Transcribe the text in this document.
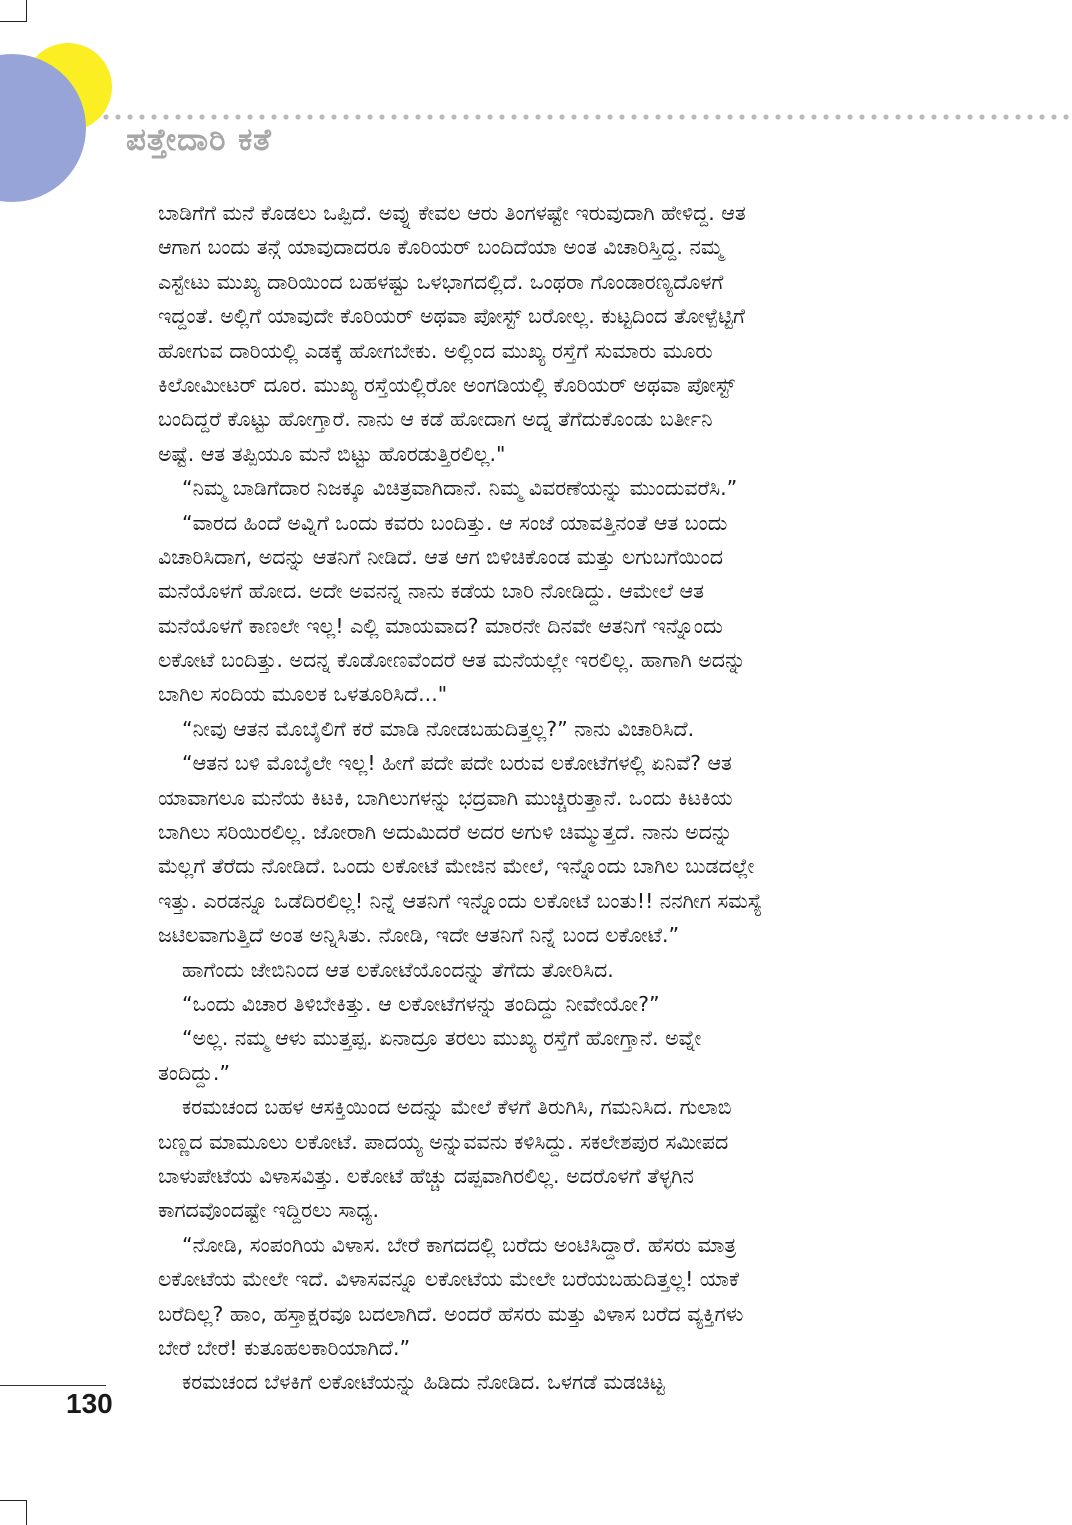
ಪತ್ತೇದಾರಿ ಕತೆ
ಬಾಡಿಗೆಗೆ ಮನೆ ಕೊಡಲು ಒಪ್ಪಿದೆ. ಅವ್ನು ಕೇವಲ ಆರು ತಿಂಗಳಷ್ಟೇ ಇರುವುದಾಗಿ ಹೇಳಿದ್ದ. ಆತ
ಆಗಾಗ ಬಂದು ತನ್ಗೆ ಯಾವುದಾದರೂ ಕೊರಿಯರ್ ಬಂದಿದೆಯಾ ಅಂತ ವಿಚಾರಿಸ್ತಿದ್ದ. ನಮ್ಮ
ಎಸ್ಟೇಟು ಮುಖ್ಯ ದಾರಿಯಿಂದ ಬಹಳಷ್ಟು ಒಳಭಾಗದಲ್ಲಿದೆ. ಒಂಥರಾ ಗೊಂಡಾರಣ್ಯದೊಳಗೆ
ಇದ್ದಂತೆ. ಅಲ್ಲಿಗೆ ಯಾವುದೇ ಕೊರಿಯರ್ ಅಥವಾ ಪೋಸ್ಟ್ ಬರೋಲ್ಲ. ಕುಟ್ಟದಿಂದ ತೋಳ್ಪೆಟ್ಟಿಗೆ
ಹೋಗುವ ದಾರಿಯಲ್ಲಿ ಎಡಕ್ಕೆ ಹೋಗಬೇಕು. ಅಲ್ಲಿಂದ ಮುಖ್ಯ ರಸ್ತೆಗೆ ಸುಮಾರು ಮೂರು
ಕಿಲೋಮೀಟರ್ ದೂರ. ಮುಖ್ಯ ರಸ್ತೆಯಲ್ಲಿರೋ ಅಂಗಡಿಯಲ್ಲಿ ಕೊರಿಯರ್ ಅಥವಾ ಪೋಸ್ಟ್
ಬಂದಿದ್ದರೆ ಕೊಟ್ಟು ಹೋಗ್ತಾರೆ. ನಾನು ಆ ಕಡೆ ಹೋದಾಗ ಅದ್ನ ತೆಗೆದುಕೊಂಡು ಬರ್ತೀನಿ
ಅಷ್ಟೆ. ಆತ ತಪ್ಪಿಯೂ ಮನೆ ಬಿಟ್ಟು ಹೊರಡುತ್ತಿರಲಿಲ್ಲ."
“ನಿಮ್ಮ ಬಾಡಿಗೆದಾರ ನಿಜಕ್ಕೂ ವಿಚಿತ್ರವಾಗಿದಾನೆ. ನಿಮ್ಮ ವಿವರಣೆಯನ್ನು ಮುಂದುವರೆಸಿ.”
“ವಾರದ ಹಿಂದೆ ಅವ್ನಿಗೆ ಒಂದು ಕವರು ಬಂದಿತ್ತು. ಆ ಸಂಜೆ ಯಾವತ್ತಿನಂತೆ ಆತ ಬಂದು
ವಿಚಾರಿಸಿದಾಗ, ಅದನ್ನು ಆತನಿಗೆ ನೀಡಿದೆ. ಆತ ಆಗ ಬಿಳಿಚಿಕೊಂಡ ಮತ್ತು ಲಗುಬಗೆಯಿಂದ
ಮನೆಯೊಳಗೆ ಹೋದ. ಅದೇ ಅವನನ್ನ ನಾನು ಕಡೆಯ ಬಾರಿ ನೋಡಿದ್ದು. ಆಮೇಲೆ ಆತ
ಮನೆಯೊಳಗೆ ಕಾಣಲೇ ಇಲ್ಲ! ಎಲ್ಲಿ ಮಾಯವಾದ? ಮಾರನೇ ದಿನವೇ ಆತನಿಗೆ ಇನ್ನೊಂದು
ಲಕೋಟೆ ಬಂದಿತ್ತು. ಅದನ್ನ ಕೊಡೋಣವೆಂದರೆ ಆತ ಮನೆಯಲ್ಲೇ ಇರಲಿಲ್ಲ. ಹಾಗಾಗಿ ಅದನ್ನು
ಬಾಗಿಲ ಸಂದಿಯ ಮೂಲಕ ಒಳತೂರಿಸಿದೆ..."
“ನೀವು ಆತನ ಮೊಬೈಲಿಗೆ ಕರೆ ಮಾಡಿ ನೋಡಬಹುದಿತ್ತಲ್ಲ?” ನಾನು ವಿಚಾರಿಸಿದೆ.
“ಆತನ ಬಳಿ ಮೊಬೈಲೇ ಇಲ್ಲ! ಹೀಗೆ ಪದೇ ಪದೇ ಬರುವ ಲಕೋಟೆಗಳಲ್ಲಿ ಏನಿವೆ? ಆತ
ಯಾವಾಗಲೂ ಮನೆಯ ಕಿಟಕಿ, ಬಾಗಿಲುಗಳನ್ನು ಭದ್ರವಾಗಿ ಮುಚ್ಚಿರುತ್ತಾನೆ. ಒಂದು ಕಿಟಕಿಯ
ಬಾಗಿಲು ಸರಿಯಿರಲಿಲ್ಲ. ಜೋರಾಗಿ ಅದುಮಿದರೆ ಅದರ ಅಗುಳಿ ಚಿಮ್ಮುತ್ತದೆ. ನಾನು ಅದನ್ನು
ಮೆಲ್ಲಗೆ ತೆರೆದು ನೋಡಿದೆ. ಒಂದು ಲಕೋಟೆ ಮೇಜಿನ ಮೇಲೆ, ಇನ್ನೊಂದು ಬಾಗಿಲ ಬುಡದಲ್ಲೇ
ಇತ್ತು. ಎರಡನ್ನೂ ಒಡೆದಿರಲಿಲ್ಲ! ನಿನ್ನೆ ಆತನಿಗೆ ಇನ್ನೊಂದು ಲಕೋಟೆ ಬಂತು!! ನನಗೀಗ ಸಮಸ್ಯೆ
ಜಟಿಲವಾಗುತ್ತಿದೆ ಅಂತ ಅನ್ನಿಸಿತು. ನೋಡಿ, ಇದೇ ಆತನಿಗೆ ನಿನ್ನೆ ಬಂದ ಲಕೋಟೆ.”
ಹಾಗೆಂದು ಜೇಬಿನಿಂದ ಆತ ಲಕೋಟೆಯೊಂದನ್ನು ತೆಗೆದು ತೋರಿಸಿದ.
“ಒಂದು ವಿಚಾರ ತಿಳಿಬೇಕಿತ್ತು. ಆ ಲಕೋಟೆಗಳನ್ನು ತಂದಿದ್ದು ನೀವೇಯೋ?”
“ಅಲ್ಲ. ನಮ್ಮ ಆಳು ಮುತ್ತಪ್ಪ. ಏನಾದ್ರೂ ತರಲು ಮುಖ್ಯ ರಸ್ತೆಗೆ ಹೋಗ್ತಾನೆ. ಅವ್ನೇ
ತಂದಿದ್ದು.”
ಕರಮಚಂದ ಬಹಳ ಆಸಕ್ತಿಯಿಂದ ಅದನ್ನು ಮೇಲೆ ಕೆಳಗೆ ತಿರುಗಿಸಿ, ಗಮನಿಸಿದ. ಗುಲಾಬಿ
ಬಣ್ಣದ ಮಾಮೂಲು ಲಕೋಟೆ. ಪಾದಯ್ಯ ಅನ್ನುವವನು ಕಳಿಸಿದ್ದು. ಸಕಲೇಶಪುರ ಸಮೀಪದ
ಬಾಳುಪೇಟೆಯ ವಿಳಾಸವಿತ್ತು. ಲಕೋಟೆ ಹೆಚ್ಚು ದಪ್ಪವಾಗಿರಲಿಲ್ಲ. ಅದರೊಳಗೆ ತೆಳ್ಳಗಿನ
ಕಾಗದವೊಂದಷ್ಟೇ ಇದ್ದಿರಲು ಸಾಧ್ಯ.
“ನೋಡಿ, ಸಂಪಂಗಿಯ ವಿಳಾಸ. ಬೇರೆ ಕಾಗದದಲ್ಲಿ ಬರೆದು ಅಂಟಿಸಿದ್ದಾರೆ. ಹೆಸರು ಮಾತ್ರ
ಲಕೋಟೆಯ ಮೇಲೇ ಇದೆ. ವಿಳಾಸವನ್ನೂ ಲಕೋಟೆಯ ಮೇಲೇ ಬರೆಯಬಹುದಿತ್ತಲ್ಲ! ಯಾಕೆ
ಬರೆದಿಲ್ಲ? ಹಾಂ, ಹಸ್ತಾಕ್ಷರವೂ ಬದಲಾಗಿದೆ. ಅಂದರೆ ಹೆಸರು ಮತ್ತು ವಿಳಾಸ ಬರೆದ ವ್ಯಕ್ತಿಗಳು
ಬೇರೆ ಬೇರೆ! ಕುತೂಹಲಕಾರಿಯಾಗಿದೆ.”
ಕರಮಚಂದ ಬೆಳಕಿಗೆ ಲಕೋಟೆಯನ್ನು ಹಿಡಿದು ನೋಡಿದ. ಒಳಗಡೆ ಮಡಚಿಟ್ಟ
130
